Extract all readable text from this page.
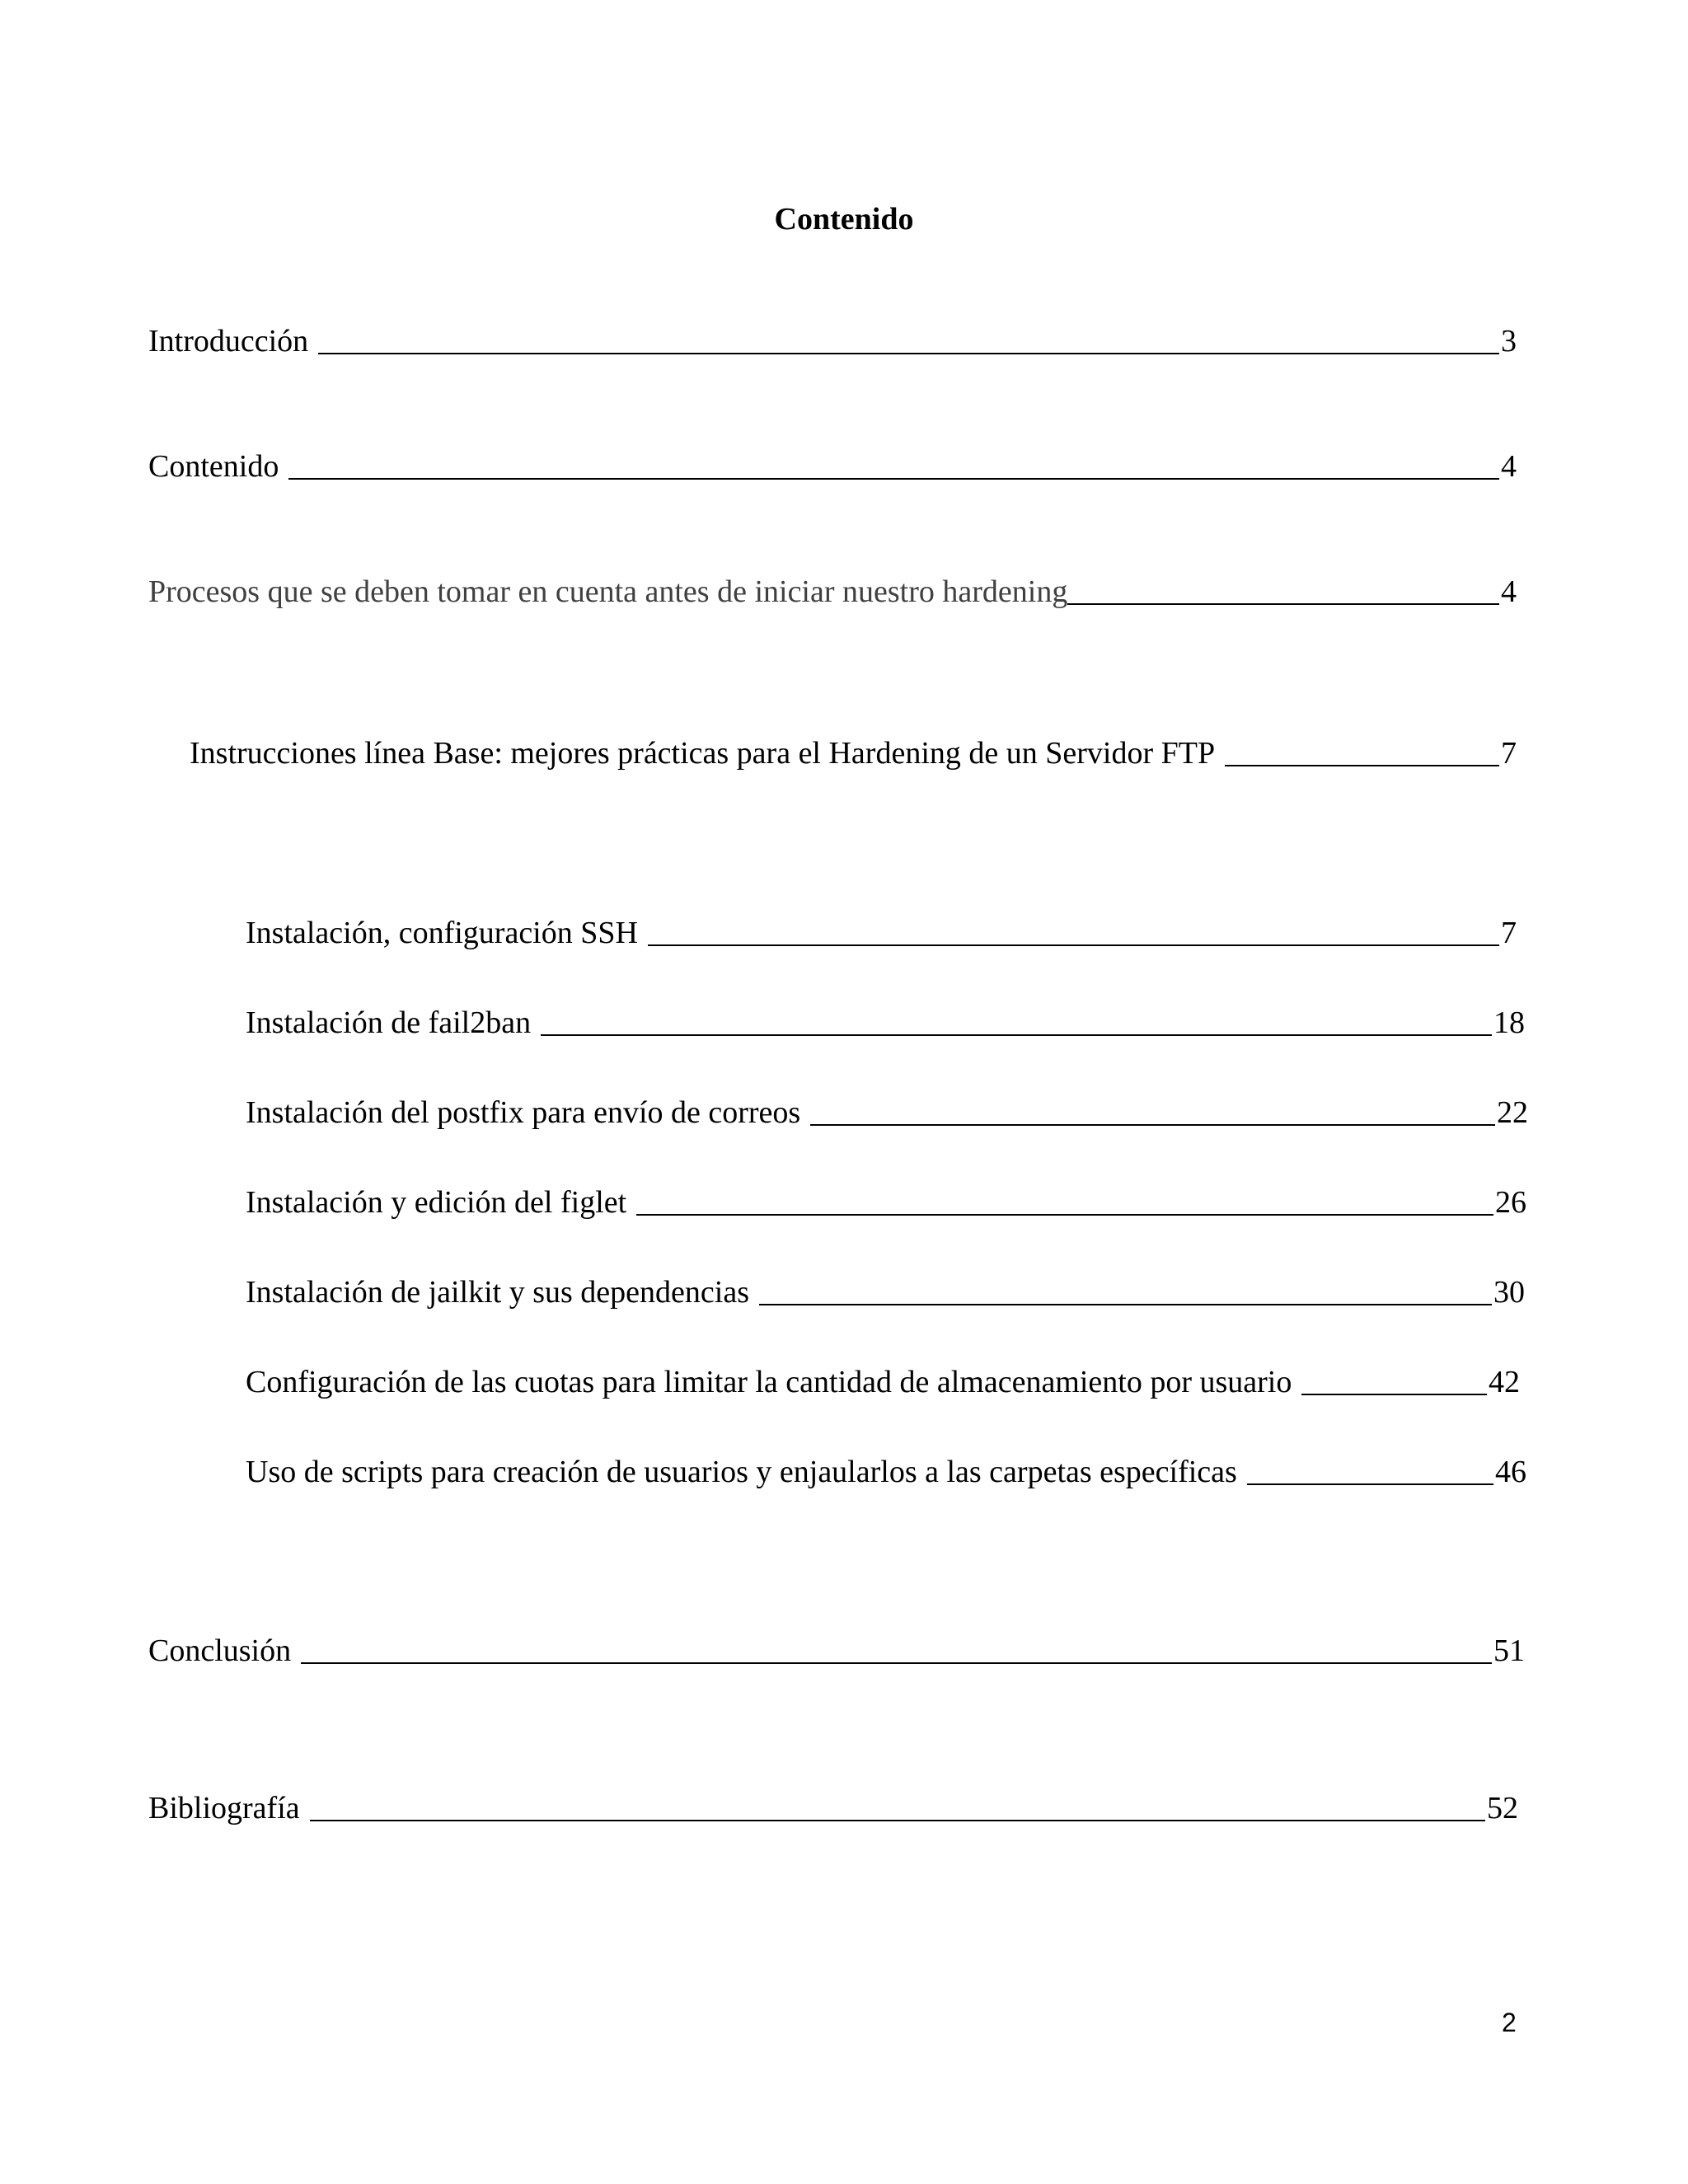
Contenido
Introducción	3
Contenido	4
Procesos que se deben tomar en cuenta antes de iniciar nuestro hardening	4
Instrucciones línea Base: mejores prácticas para el Hardening de un Servidor FTP	7
Instalación, configuración SSH	7
Instalación de fail2ban	18
Instalación del postfix para envío de correos	22
Instalación y edición del figlet	26
Instalación de jailkit y sus dependencias	30
Configuración de las cuotas para limitar la cantidad de almacenamiento por usuario	42
Uso de scripts para creación de usuarios y enjaularlos a las carpetas específicas	46
Conclusión	51
Bibliografía	52
2
